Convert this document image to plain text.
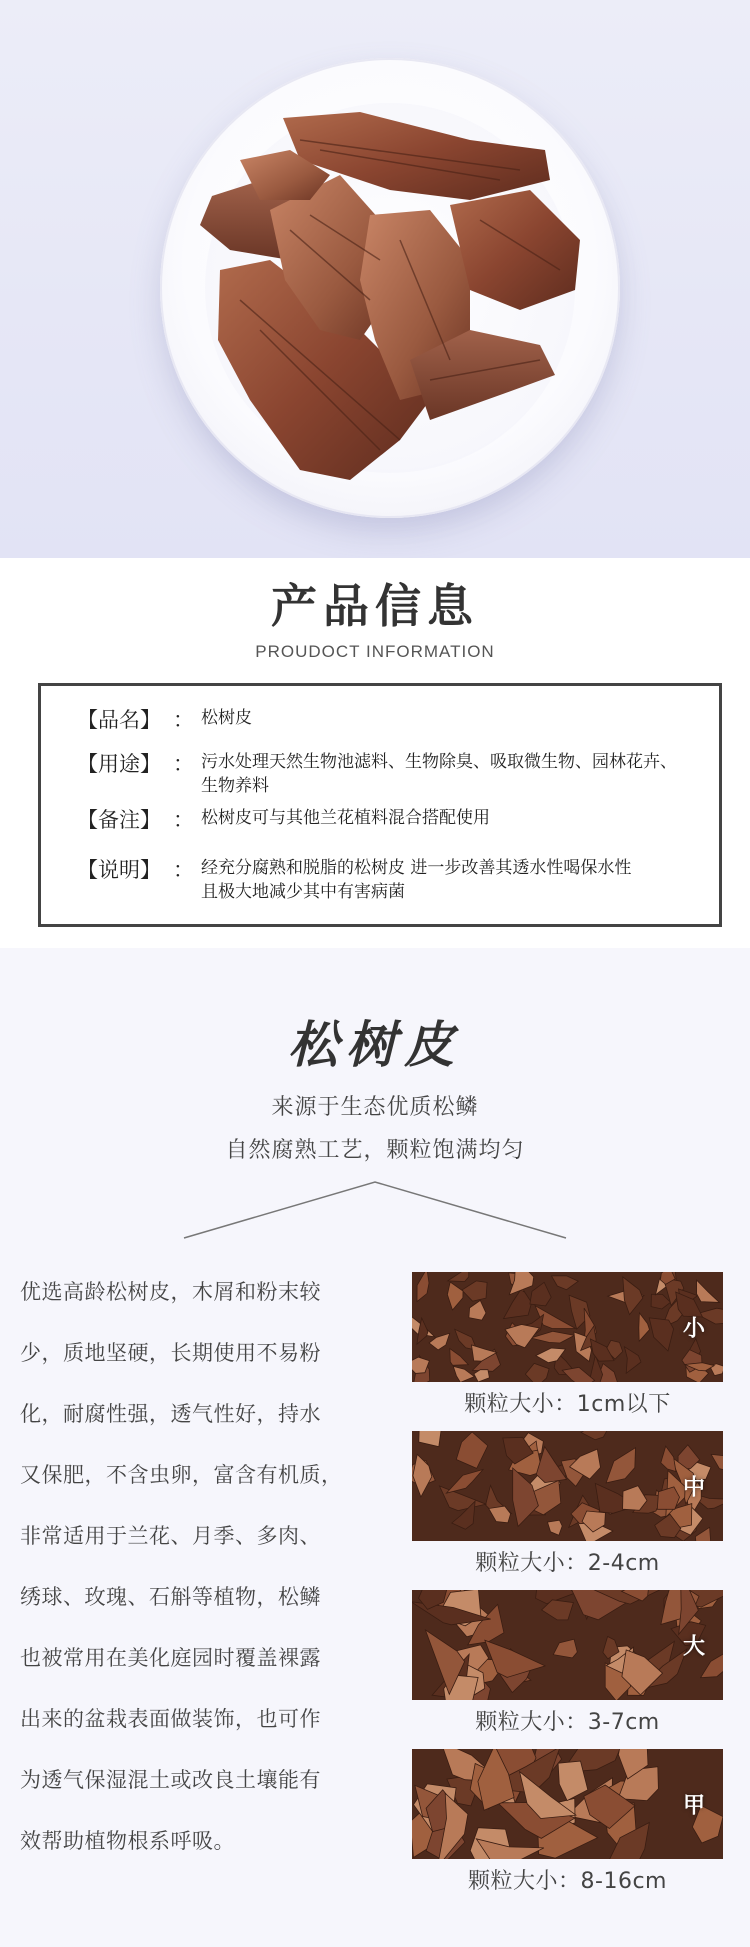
产品信息
PROUDOCT INFORMATION
【品名】 ： 松树皮
【用途】 ： 污水处理天然生物池滤料、生物除臭、吸取微生物、园林花卉、
生物养料
【备注】 ： 松树皮可与其他兰花植料混合搭配使用
【说明】 ： 经充分腐熟和脱脂的松树皮 进一步改善其透水性喝保水性
且极大地减少其中有害病菌
松树皮
来源于生态优质松鳞
自然腐熟工艺，颗粒饱满均匀
优选高龄松树皮，木屑和粉末较
少，质地坚硬，长期使用不易粉
化，耐腐性强，透气性好，持水
又保肥，不含虫卵，富含有机质，
非常适用于兰花、月季、多肉、
绣球、玫瑰、石斛等植物，松鳞
也被常用在美化庭园时覆盖裸露
出来的盆栽表面做装饰，也可作
为透气保湿混土或改良土壤能有
效帮助植物根系呼吸。
小
颗粒大小：1cm以下
中
颗粒大小：2-4cm
大
颗粒大小：3-7cm
甲
颗粒大小：8-16cm
